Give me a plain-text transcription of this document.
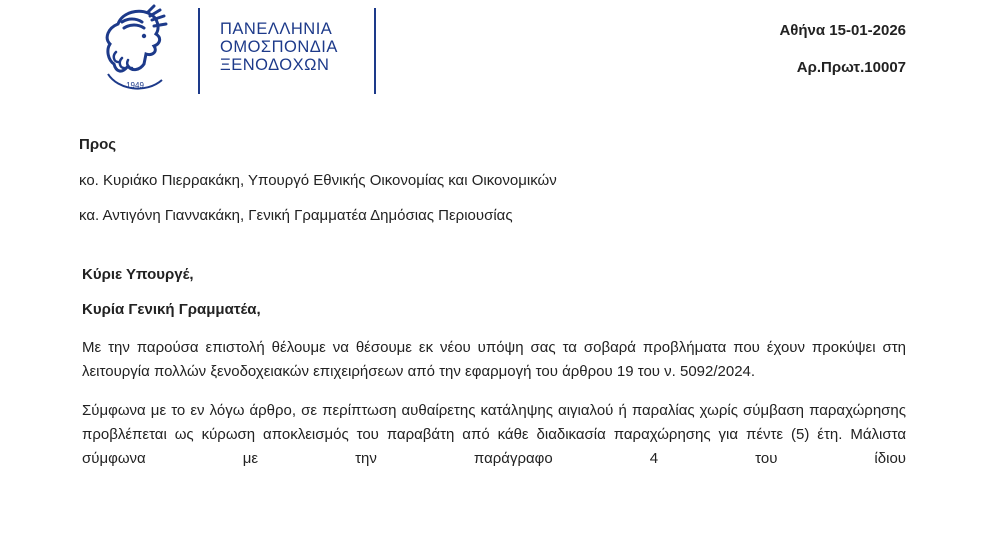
1949
ΠΑΝΕΛΛΗΝΙΑ
ΟΜΟΣΠΟΝΔΙΑ
ΞΕΝΟΔΟΧΩΝ
Αθήνα 15-01-2026
Αρ.Πρωτ.10007
Προς
κο. Κυριάκο Πιερρακάκη, Υπουργό Εθνικής Οικονομίας και Οικονομικών
κα. Αντιγόνη Γιαννακάκη, Γενική Γραμματέα Δημόσιας Περιουσίας
Κύριε Υπουργέ,
Κυρία Γενική Γραμματέα,

Με την παρούσα επιστολή θέλουμε να θέσουμε εκ νέου υπόψη σας τα σοβαρά προβλήματα που έχουν προκύψει στη λειτουργία πολλών ξενοδοχειακών επιχειρήσεων από την εφαρμογή του άρθρου 19 του ν. 5092/2024.

Σύμφωνα με το εν λόγω άρθρο, σε περίπτωση αυθαίρετης κατάληψης αιγιαλού ή παραλίας χωρίς σύμβαση παραχώρησης προβλέπεται ως κύρωση αποκλεισμός του παραβάτη από κάθε διαδικασία παραχώρησης για πέντε (5) έτη. Μάλιστα σύμφωνα με την παράγραφο 4 του ίδιου
